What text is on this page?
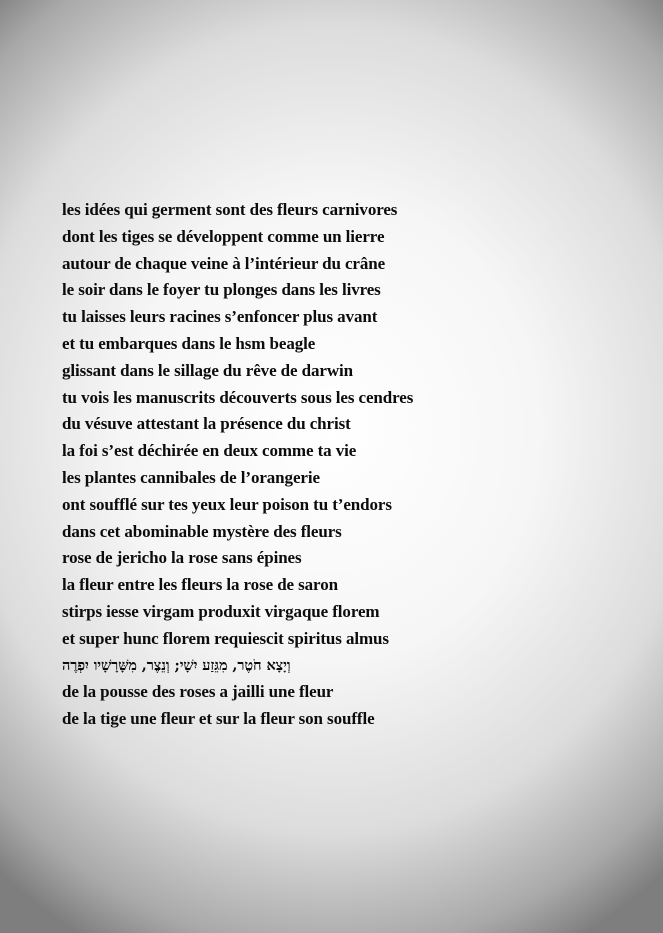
les idées qui germent sont des fleurs carnivores
dont les tiges se développent comme un lierre
autour de chaque veine à l’intérieur du crâne
le soir dans le foyer tu plonges dans les livres
tu laisses leurs racines s’enfoncer plus avant
et tu embarques dans le hsm beagle
glissant dans le sillage du rêve de darwin
tu vois les manuscrits découverts sous les cendres
du vésuve attestant la présence du christ
la foi s’est déchirée en deux comme ta vie
les plantes cannibales de l’orangerie
ont soufflé sur tes yeux leur poison tu t’endors
dans cet abominable mystère des fleurs
rose de jericho la rose sans épines
la fleur entre les fleurs la rose de saron
stirps iesse virgam produxit virgaque florem
et super hunc florem requiescit spiritus almus
וְיָצָא חֹטֶר, מִגֵּזַע יִשָׁי; וְנֵצֶר, מִשָּׁרָשָׁיו יִפְרֶה
de la pousse des roses a jailli une fleur
de la tige une fleur et sur la fleur son souffle
